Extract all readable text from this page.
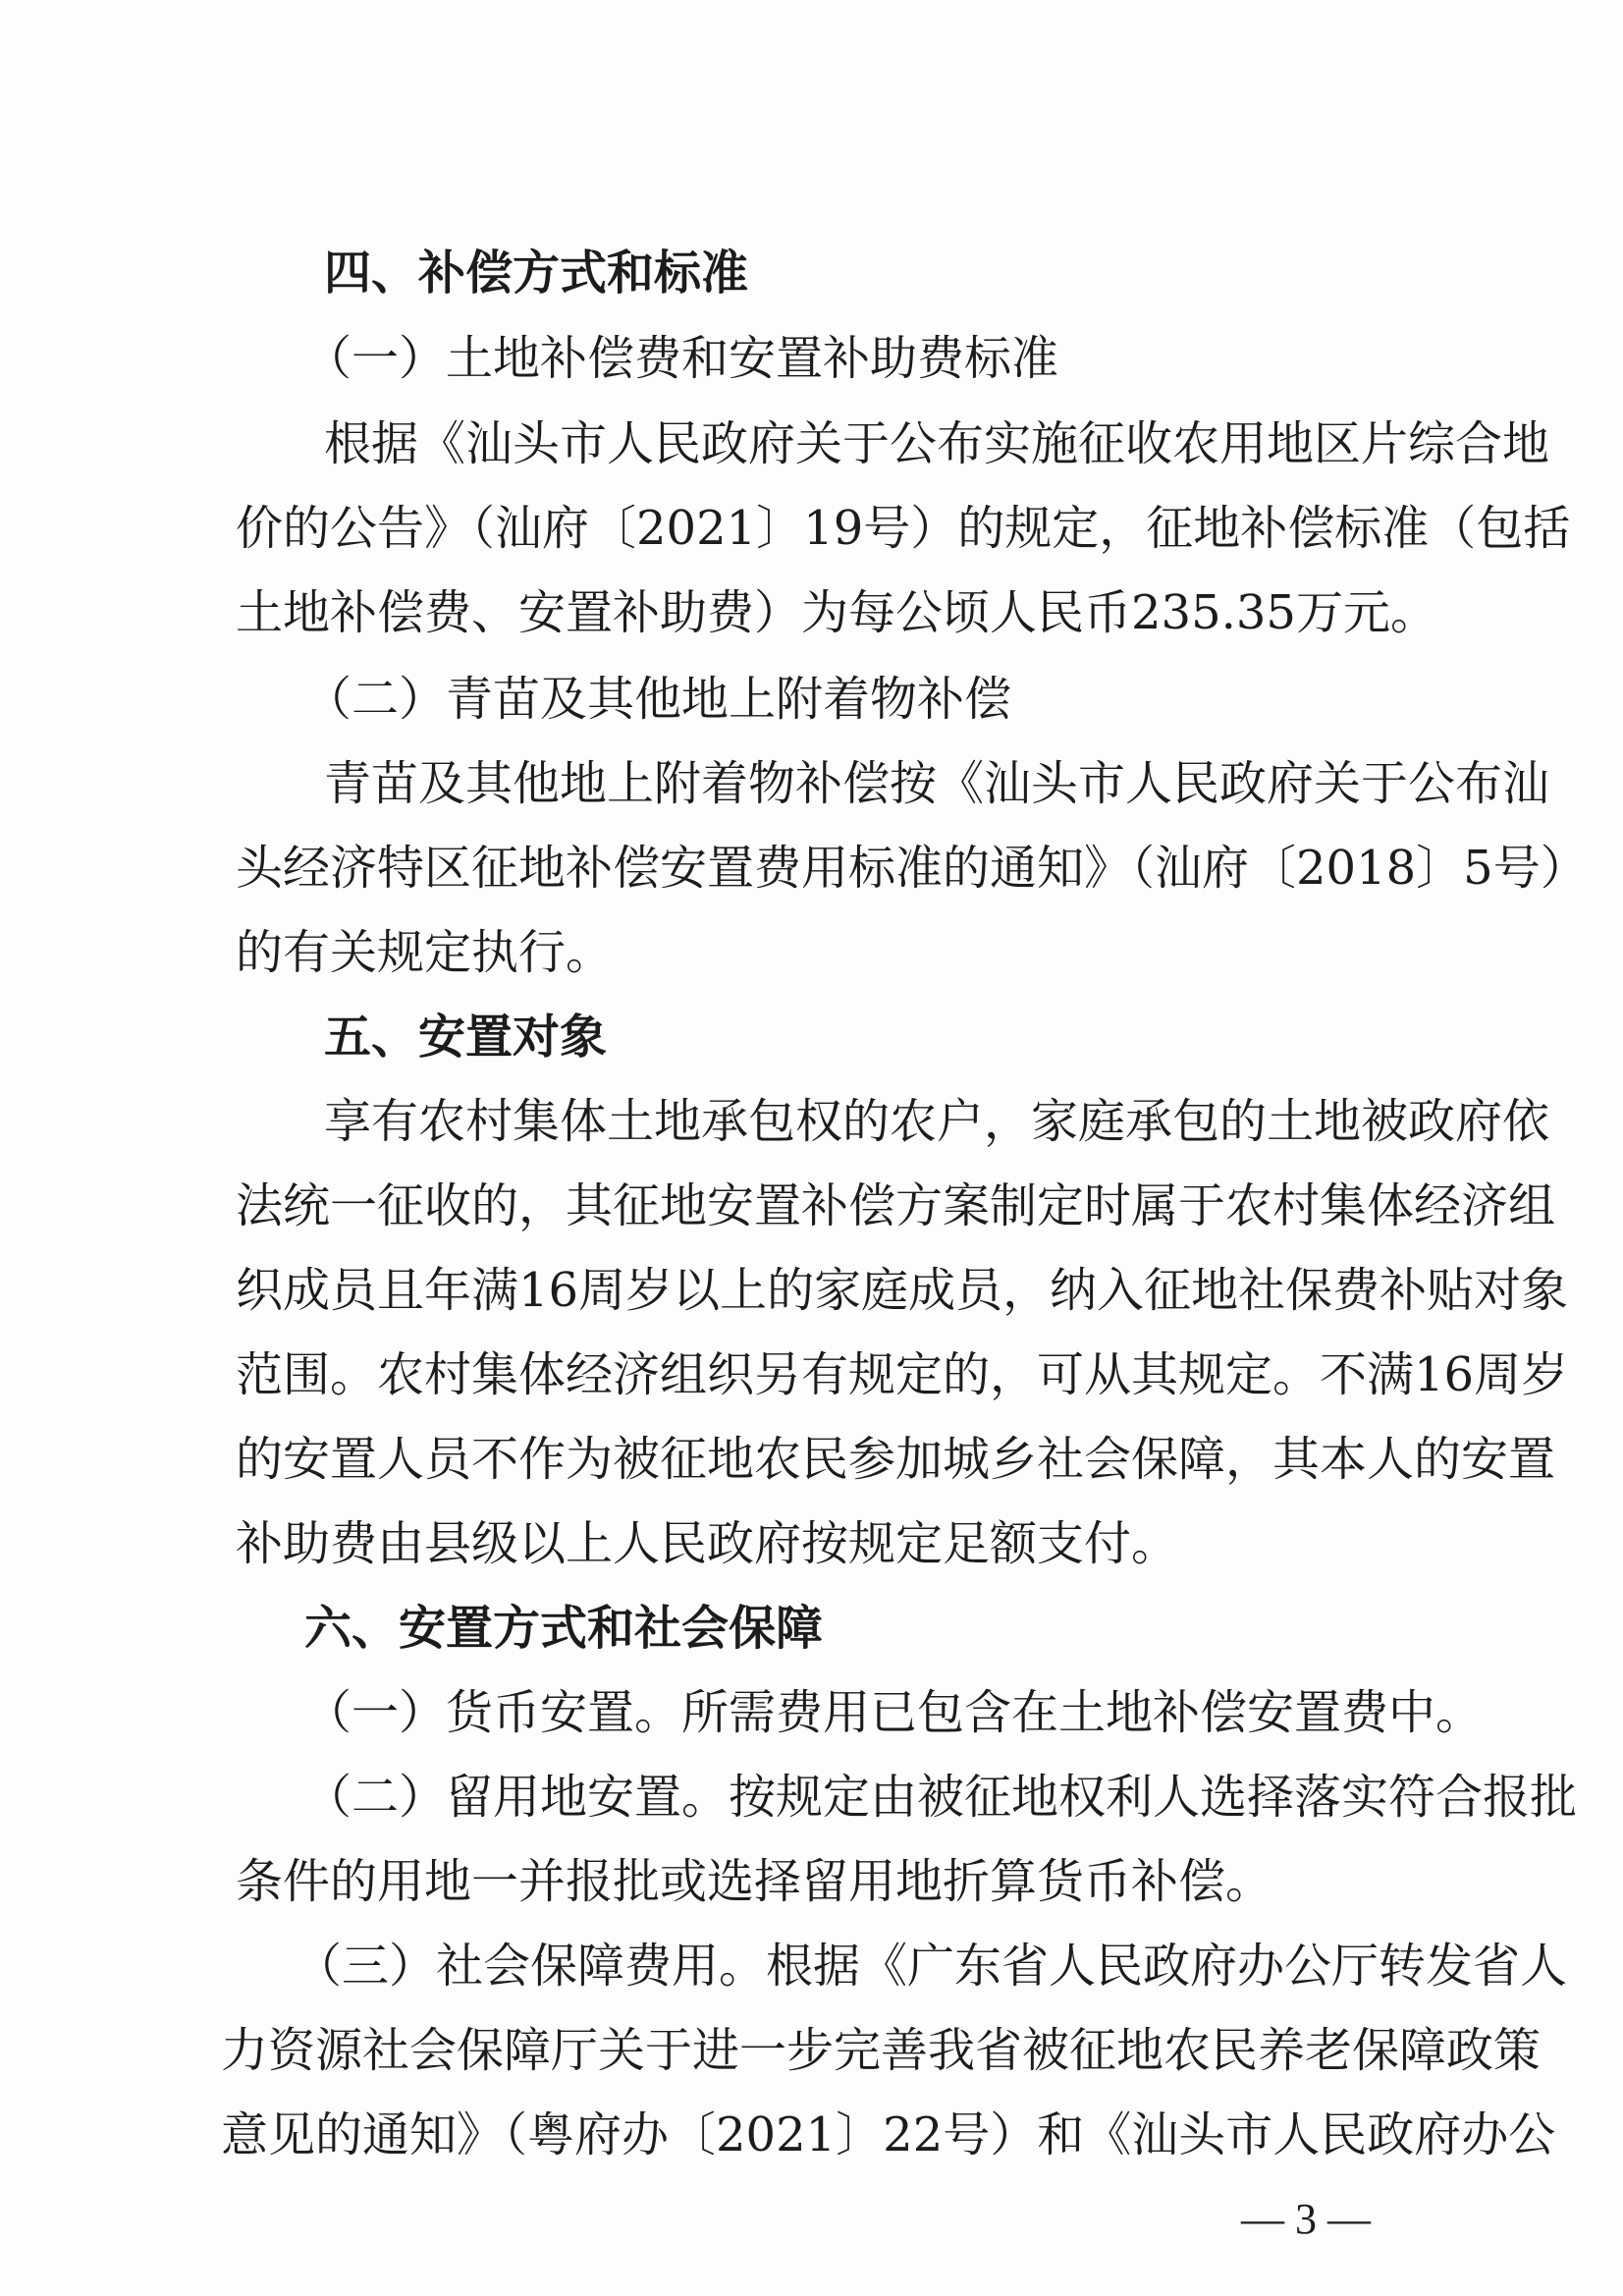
四、补偿方式和标准
（一）土地补偿费和安置补助费标准
根据《汕头市人民政府关于公布实施征收农用地区片综合地
价的公告》（汕府〔2021〕19号）的规定，征地补偿标准（包括
土地补偿费、安置补助费）为每公顷人民币235.35万元。
（二）青苗及其他地上附着物补偿
青苗及其他地上附着物补偿按《汕头市人民政府关于公布汕
头经济特区征地补偿安置费用标准的通知》（汕府〔2018〕5号）
的有关规定执行。
五、安置对象
享有农村集体土地承包权的农户，家庭承包的土地被政府依
法统一征收的，其征地安置补偿方案制定时属于农村集体经济组
织成员且年满16周岁以上的家庭成员，纳入征地社保费补贴对象
范围。农村集体经济组织另有规定的，可从其规定。不满16周岁
的安置人员不作为被征地农民参加城乡社会保障，其本人的安置
补助费由县级以上人民政府按规定足额支付。
六、安置方式和社会保障
（一）货币安置。所需费用已包含在土地补偿安置费中。
（二）留用地安置。按规定由被征地权利人选择落实符合报批
条件的用地一并报批或选择留用地折算货币补偿。
（三）社会保障费用。根据《广东省人民政府办公厅转发省人
力资源社会保障厅关于进一步完善我省被征地农民养老保障政策
意见的通知》（粤府办〔2021〕22号）和《汕头市人民政府办公
— 3 —
